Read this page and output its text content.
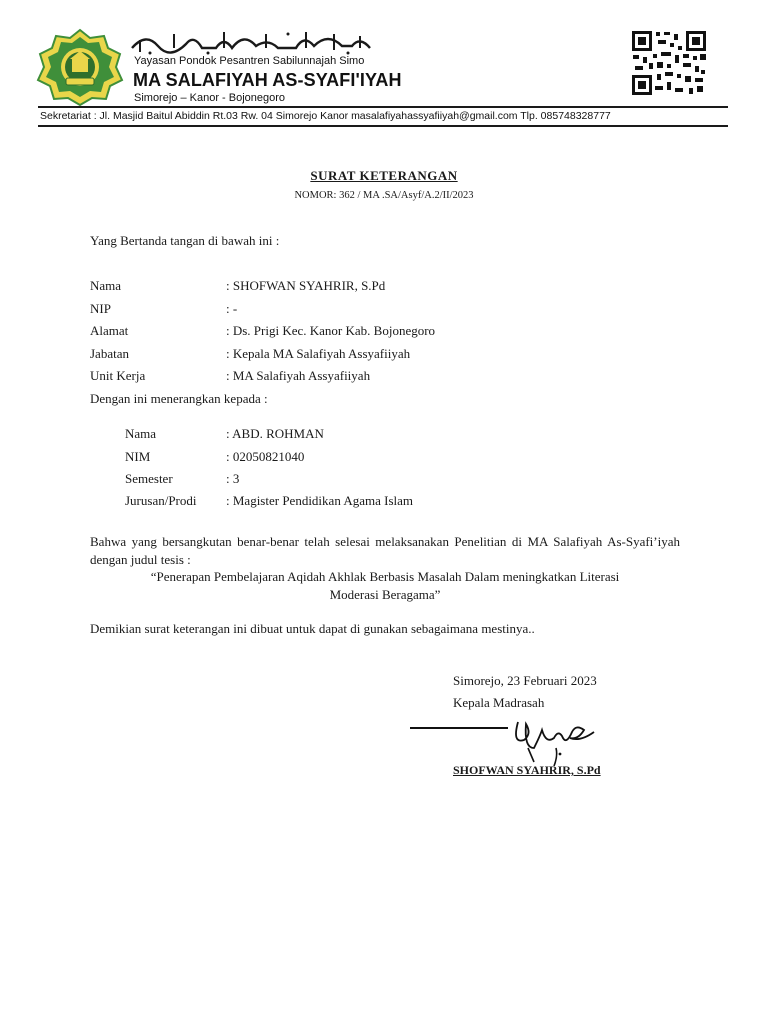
Yayasan Pondok Pesantren Sabilunnajah Simo
MA SALAFIYAH AS-SYAFI'IYAH
Simorejo – Kanor - Bojonegoro
Sekretariat : Jl. Masjid Baitul Abiddin Rt.03 Rw. 04 Simorejo Kanor masalafiyahassyafiiyah@gmail.com Tlp. 085748328777
SURAT KETERANGAN
NOMOR: 362 / MA .SA/Asyf/A.2/II/2023
Yang Bertanda tangan di bawah ini :
Nama	: SHOFWAN SYAHRIR, S.Pd
NIP	: -
Alamat	: Ds. Prigi Kec. Kanor Kab. Bojonegoro
Jabatan	: Kepala MA Salafiyah Assyafiiyah
Unit Kerja	: MA Salafiyah Assyafiiyah
Dengan ini menerangkan kepada :
Nama	: ABD. ROHMAN
NIM	: 02050821040
Semester	: 3
Jurusan/Prodi : Magister Pendidikan Agama Islam
Bahwa yang bersangkutan benar-benar telah selesai melaksanakan Penelitian di MA Salafiyah As-Syafi’iyah dengan judul tesis :
“Penerapan Pembelajaran Aqidah Akhlak Berbasis Masalah Dalam meningkatkan Literasi
Moderasi Beragama”
Demikian surat keterangan ini dibuat untuk dapat di gunakan sebagaimana mestinya..
Simorejo, 23 Februari 2023
Kepala Madrasah
SHOFWAN SYAHRIR, S.Pd
